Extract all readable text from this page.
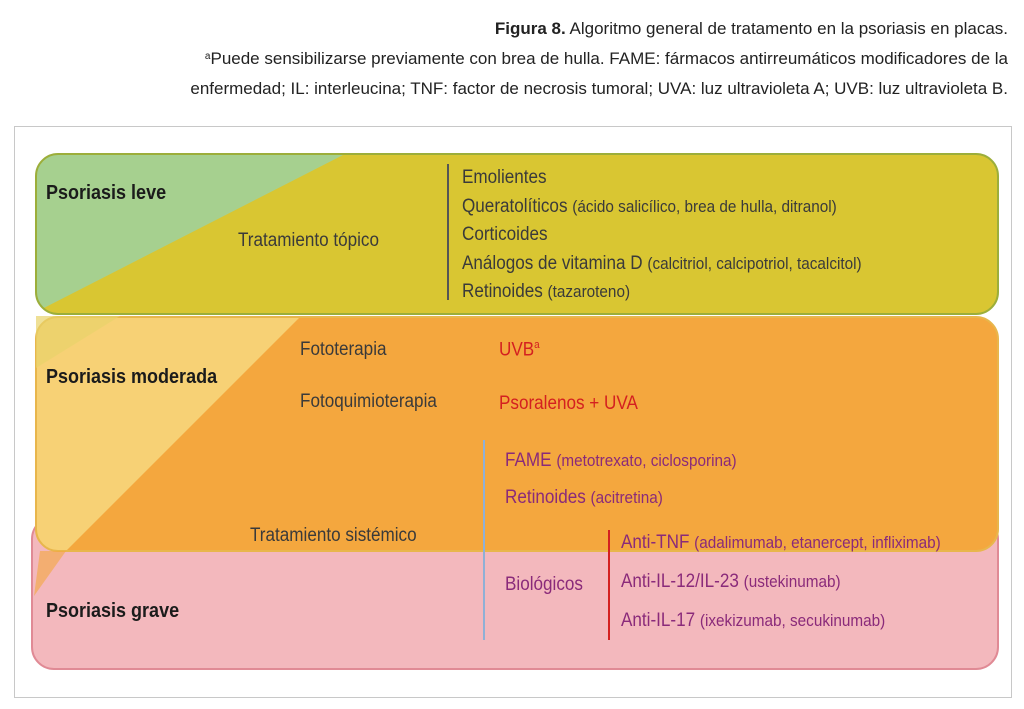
Figura 8. Algoritmo general de tratamento en la psoriasis en placas.
$^a$Puede sensibilizarse previamente con brea de hulla. FAME: fármacos antirreumáticos modificadores de la
enfermedad; IL: interleucina; TNF: factor de necrosis tumoral; UVA: luz ultravioleta A; UVB: luz ultravioleta B.
Psoriasis leve
Psoriasis moderada
Psoriasis grave
Tratamiento tópico
Emolientes
Queratolíticos (ácido salicílico, brea de hulla, ditranol)
Corticoides
Análogos de vitamina D (calcitriol, calcipotriol, tacalcitol)
Retinoides (tazaroteno)
Fototerapia	UVB$^a$
Fotoquimioterapia	Psoralenos + UVA
Tratamiento sistémico
FAME (metotrexato, ciclosporina)
Retinoides (acitretina)
Biológicos
Anti-TNF (adalimumab, etanercept, infliximab)
Anti-IL-12/IL-23 (ustekinumab)
Anti-IL-17 (ixekizumab, secukinumab)
